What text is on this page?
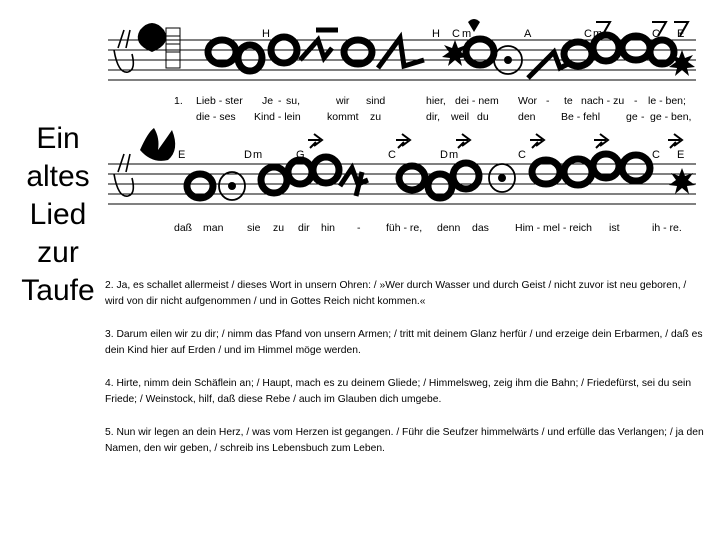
Ein
altes
Lied
zur
Taufe
H	H C m	A	C m	C E
1. Lieb - ster Je - su,	wir sind	hier, dei - nem Wor - te nach - zu - le - ben;
die - ses Kind - lein	kommt zu	dir, weil du	den Be - fehl ge - ge - ben,
E	D m	G	C	D m	C	C E
daß man sie zu dir hin - füh - re, denn das Him - mel - reich ist	ih - re.

2. Ja, es schallet allermeist / dieses Wort in unsern Ohren: / »Wer durch Wasser und durch Geist / nicht zuvor ist neu geboren, / wird von dir nicht aufgenommen / und in Gottes Reich nicht kommen.«

3. Darum eilen wir zu dir; / nimm das Pfand von unsern Armen; / tritt mit deinem Glanz herfür / und erzeige dein Erbarmen, / daß es dein Kind hier auf Erden / und im Himmel möge werden.

4. Hirte, nimm dein Schäflein an; / Haupt, mach es zu deinem Gliede; / Himmelsweg, zeig ihm die Bahn; / Friedefürst, sei du sein Friede; / Weinstock, hilf, daß diese Rebe / auch im Glauben dich umgebe.

5. Nun wir legen an dein Herz, / was vom Herzen ist gegangen. / Führ die Seufzer himmelwärts / und erfülle das Verlangen; / ja den Namen, den wir geben, / schreib ins Lebensbuch zum Leben.
